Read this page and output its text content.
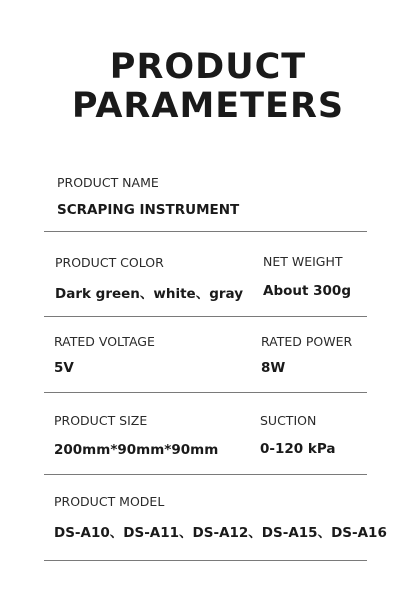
PRODUCT
PARAMETERS
PRODUCT NAME
SCRAPING INSTRUMENT
PRODUCT COLOR
Dark green、white、gray
NET WEIGHT
About 300g
RATED VOLTAGE
5V
RATED POWER
8W
PRODUCT SIZE
200mm*90mm*90mm
SUCTION
0-120 kPa
PRODUCT MODEL
DS-A10、DS-A11、DS-A12、DS-A15、DS-A16
